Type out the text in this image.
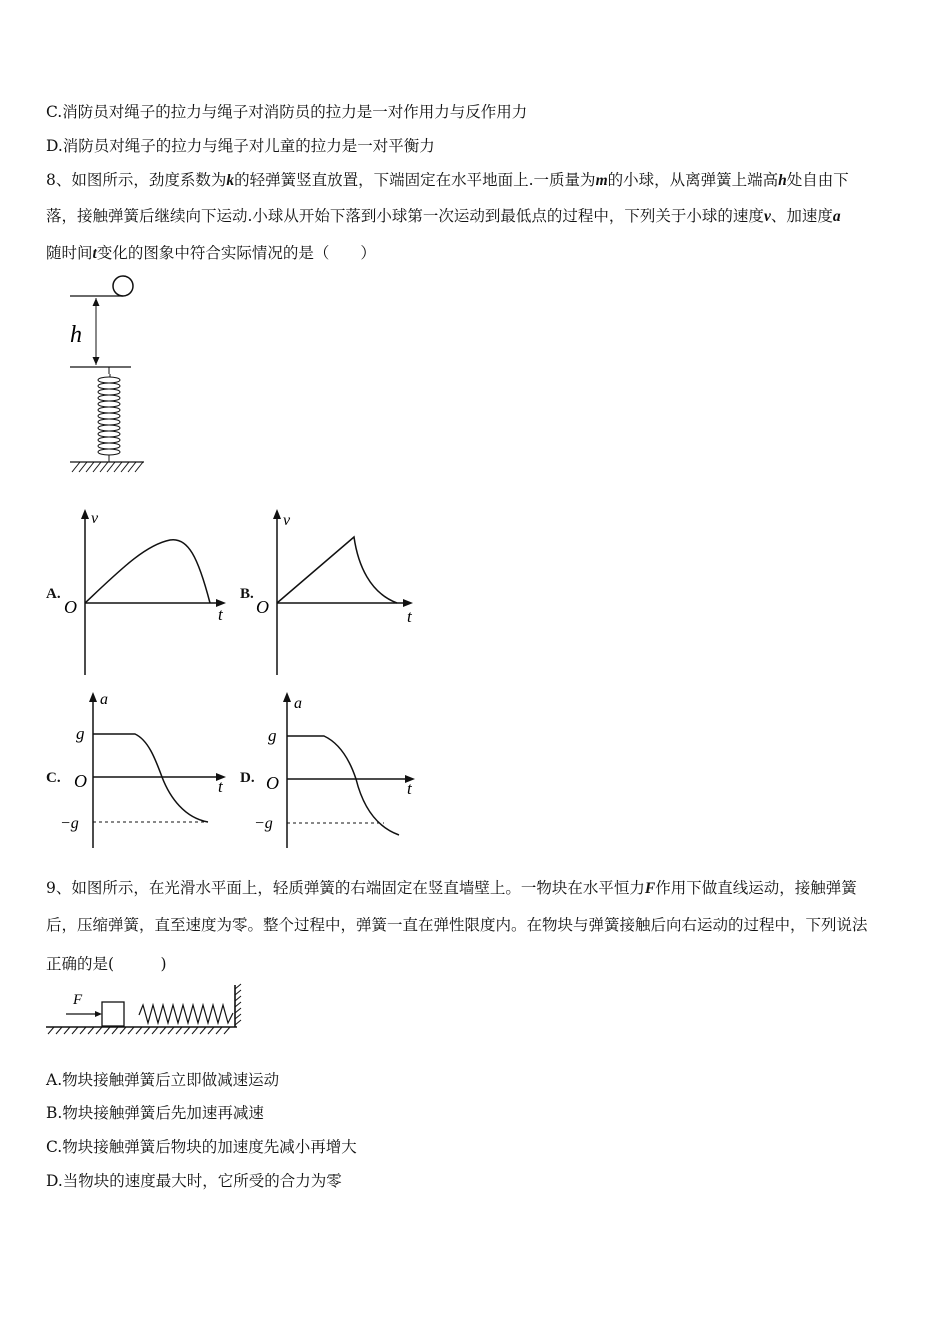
C.消防员对绳子的拉力与绳子对消防员的拉力是一对作用力与反作用力
D.消防员对绳子的拉力与绳子对儿童的拉力是一对平衡力
8、如图所示，劲度系数为k的轻弹簧竖直放置，下端固定在水平地面上.一质量为m的小球，从离弹簧上端高h处自由下
落，接触弹簧后继续向下运动.小球从开始下落到小球第一次运动到最低点的过程中，下列关于小球的速度v、加速度a
随时间t变化的图象中符合实际情况的是（　　）
h
A.
v
O	t
B.
v
O	t
C.
a
g
O
−g
t D.
a
g
O
−g
t
9、如图所示，在光滑水平面上，轻质弹簧的右端固定在竖直墙壁上。一物块在水平恒力F作用下做直线运动，接触弹簧
后，压缩弹簧，直至速度为零。整个过程中，弹簧一直在弹性限度内。在物块与弹簧接触后向右运动的过程中，下列说法
正确的是(　　　)
F
A.物块接触弹簧后立即做减速运动
B.物块接触弹簧后先加速再减速
C.物块接触弹簧后物块的加速度先减小再增大
D.当物块的速度最大时，它所受的合力为零
